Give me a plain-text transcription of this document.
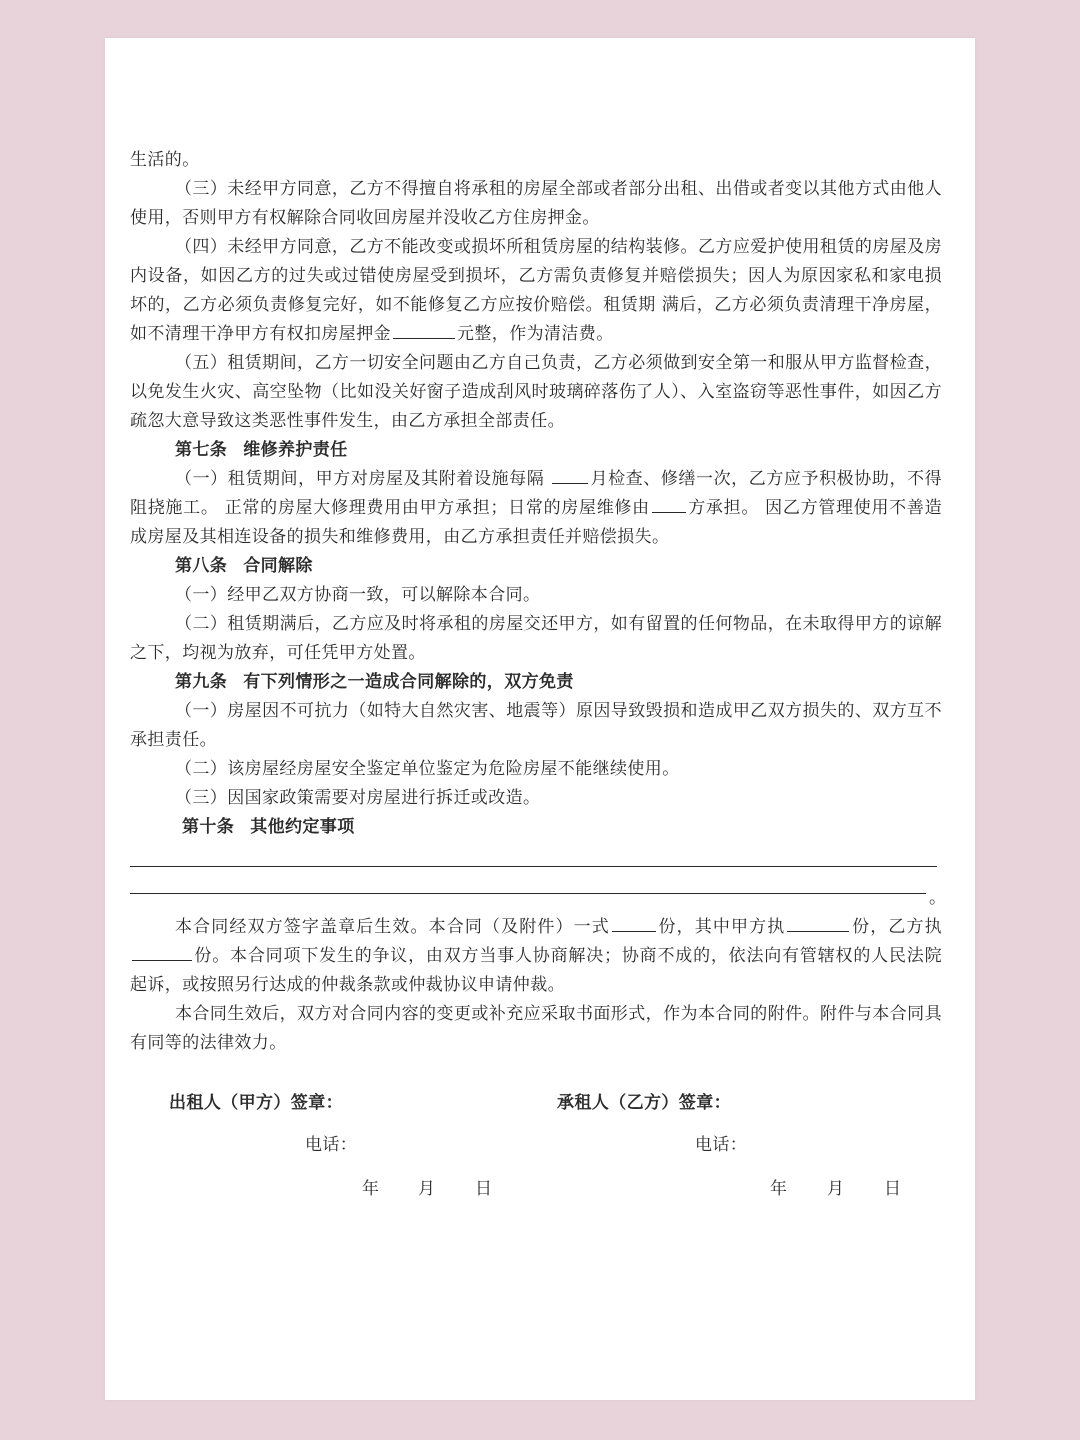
生活的。

（三）未经甲方同意，乙方不得擅自将承租的房屋全部或者部分出租、出借或者变以其他方式由他人使用，否则甲方有权解除合同收回房屋并没收乙方住房押金。

（四）未经甲方同意，乙方不能改变或损坏所租赁房屋的结构装修。乙方应爱护使用租赁的房屋及房内设备，如因乙方的过失或过错使房屋受到损坏，乙方需负责修复并赔偿损失；因人为原因家私和家电损坏的，乙方必须负责修复完好，如不能修复乙方应按价赔偿。租赁期 满后，乙方必须负责清理干净房屋，如不清理干净甲方有权扣房屋押金	元整，作为清洁费。

（五）租赁期间，乙方一切安全问题由乙方自己负责，乙方必须做到安全第一和服从甲方监督检查，以免发生火灾、高空坠物（比如没关好窗子造成刮风时玻璃碎落伤了人）、入室盗窃等恶性事件，如因乙方疏忽大意导致这类恶性事件发生，由乙方承担全部责任。

第七条 维修养护责任

（一）租赁期间，甲方对房屋及其附着设施每隔 月检查、修缮一次，乙方应予积极协助，不得阻挠施工。 正常的房屋大修理费用由甲方承担；日常的房屋维修由 方承担。 因乙方管理使用不善造成房屋及其相连设备的损失和维修费用，由乙方承担责任并赔偿损失。

第八条 合同解除

（一）经甲乙双方协商一致，可以解除本合同。

（二）租赁期满后，乙方应及时将承租的房屋交还甲方，如有留置的任何物品，在未取得甲方的谅解之下，均视为放弃，可任凭甲方处置。

第九条 有下列情形之一造成合同解除的，双方免责

（一）房屋因不可抗力（如特大自然灾害、地震等）原因导致毁损和造成甲乙双方损失的、双方互不承担责任。

（二）该房屋经房屋安全鉴定单位鉴定为危险房屋不能继续使用。

（三）因国家政策需要对房屋进行拆迁或改造。

第十条 其他约定事项

。

本合同经双方签字盖章后生效。本合同（及附件）一式	份，其中甲方执	份，乙方执份。本合同项下发生的争议，由双方当事人协商解决；协商不成的，依法向有管辖权的人民法院起诉，或按照另行达成的仲裁条款或仲裁协议申请仲裁。

本合同生效后，双方对合同内容的变更或补充应采取书面形式，作为本合同的附件。附件与本合同具有同等的法律效力。

出租人（甲方）签章：	承租人（乙方）签章：
电话：	电话：
年 月 日	年 月 日
